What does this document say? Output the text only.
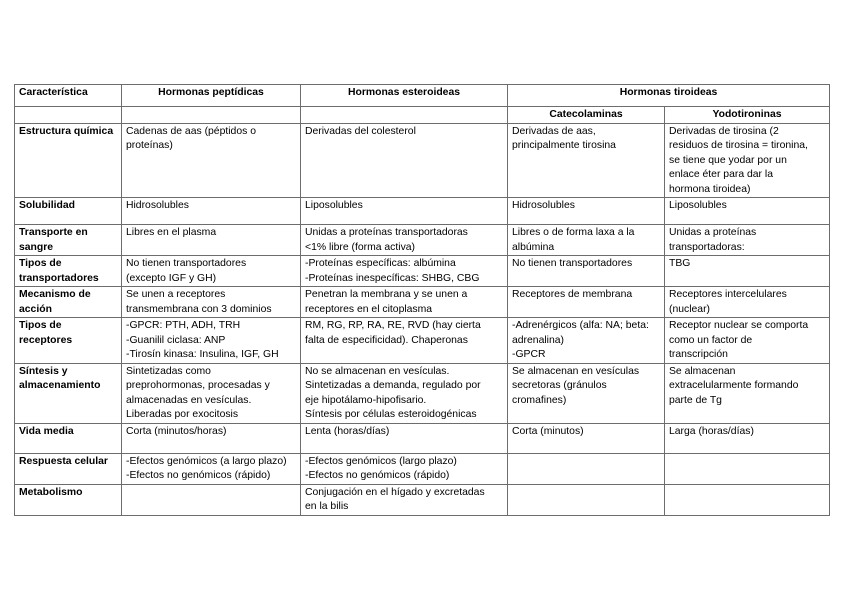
Característica	Hormonas peptídicas	Hormonas esteroideas	Hormonas tiroideas	
			Catecolaminas	Yodotironinas

Estructura química	Cadenas de aas (péptidos o
proteínas)	Derivadas del colesterol	Derivadas de aas,
principalmente tirosina	Derivadas de tirosina (2
residuos de tirosina = tironina,
se tiene que yodar por un
enlace éter para dar la
hormona tiroidea)

Solubilidad	Hidrosolubles	Liposolubles	Hidrosolubles	Liposolubles

Transporte en
sangre	Libres en el plasma	Unidas a proteínas transportadoras
<1% libre (forma activa)	Libres o de forma laxa a la
albúmina	Unidas a proteínas
transportadoras:

Tipos de
transportadores	No tienen transportadores
(excepto IGF y GH)	-Proteínas específicas: albúmina
-Proteínas inespecíficas: SHBG, CBG	No tienen transportadores	TBG

Mecanismo de
acción	Se unen a receptores
transmembrana con 3 dominios	Penetran la membrana y se unen a
receptores en el citoplasma	Receptores de membrana	Receptores intercelulares
(nuclear)

Tipos de
receptores	-GPCR: PTH, ADH, TRH
-Guanilil ciclasa: ANP
-Tirosín kinasa: Insulina, IGF, GH	RM, RG, RP, RA, RE, RVD (hay cierta
falta de especificidad). Chaperonas	-Adrenérgicos (alfa: NA; beta:
adrenalina)
-GPCR	Receptor nuclear se comporta
como un factor de
transcripción

Síntesis y
almacenamiento	Sintetizadas como
preprohormonas, procesadas y
almacenadas en vesículas.
Liberadas por exocitosis	No se almacenan en vesículas.
Sintetizadas a demanda, regulado por
eje hipotálamo-hipofisario.
Síntesis por células esteroidogénicas	Se almacenan en vesículas
secretoras (gránulos
cromafines)	Se almacenan
extracelularmente formando
parte de Tg

Vida media	Corta (minutos/horas)	Lenta (horas/días)	Corta (minutos)	Larga (horas/días)

Respuesta celular	-Efectos genómicos (a largo plazo)
-Efectos no genómicos (rápido)	-Efectos genómicos (largo plazo)
-Efectos no genómicos (rápido)		

Metabolismo		Conjugación en el hígado y excretadas
en la bilis		
